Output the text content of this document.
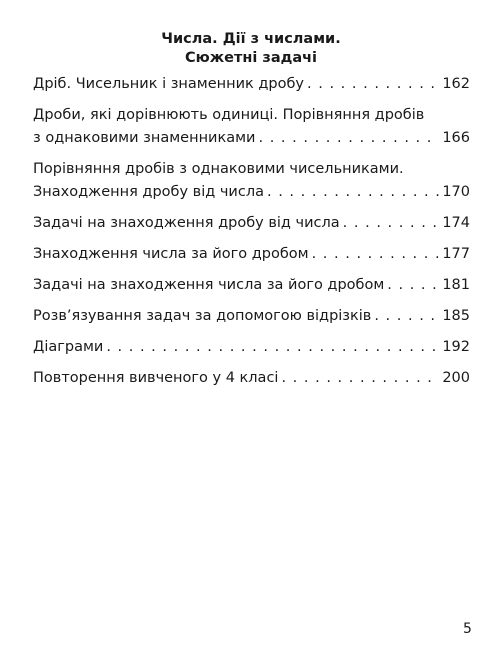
Числа. Дії з числами.
Сюжетні задачі
Дріб. Чисельник і знаменник дробу . . .	162
Дроби, які дорівнюють одиниці. Порівняння дробів
з однаковими знаменниками . . .	166
Порівняння дробів з однаковими чисельниками.
Знаходження дробу від числа . . .	170
Задачі на знаходження дробу від числа . . .	174
Знаходження числа за його дробом . . .	177
Задачі на знаходження числа за його дробом . . .	181
Розв’язування задач за допомогою відрізків . . .	185
Діаграми . . .	192
Повторення вивченого у 4 класі . . .	200
5
